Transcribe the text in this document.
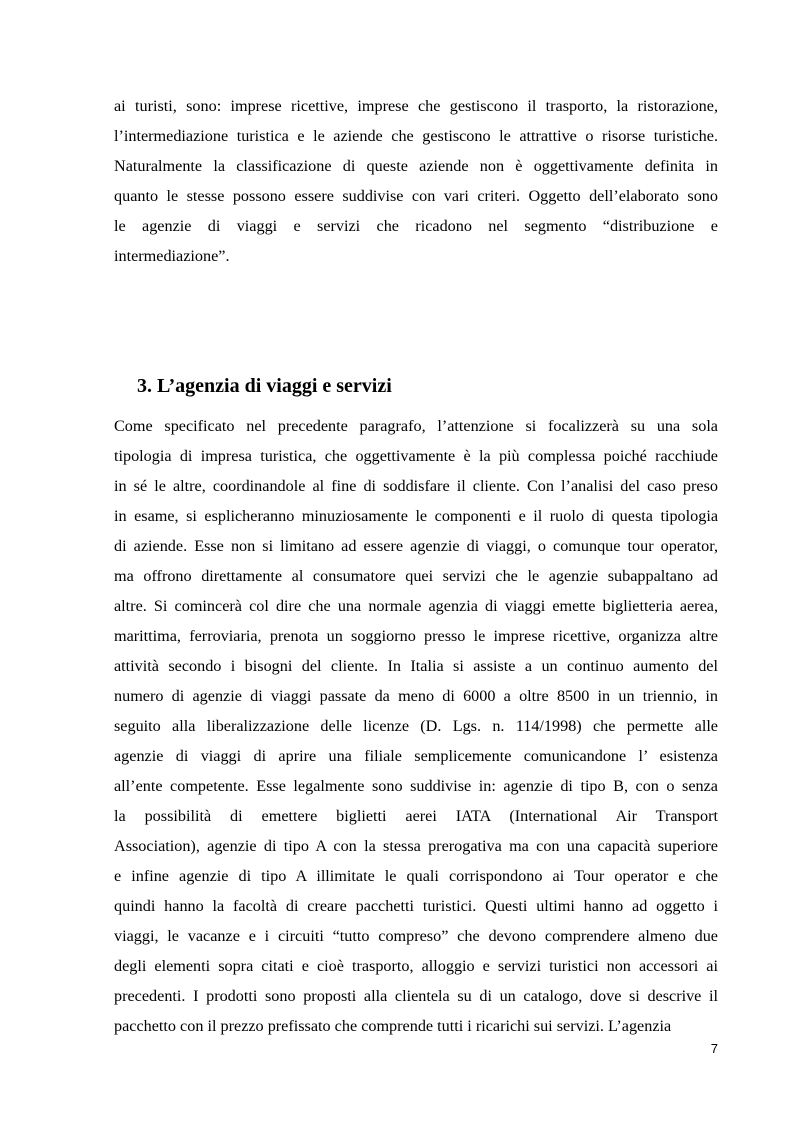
ai turisti, sono: imprese ricettive, imprese che gestiscono il trasporto, la ristorazione,
l’intermediazione turistica e le aziende che gestiscono le attrattive o risorse turistiche.
Naturalmente la classificazione di queste aziende non è oggettivamente definita in
quanto le stesse possono essere suddivise con vari criteri. Oggetto dell’elaborato sono
le agenzie di viaggi e servizi che ricadono nel segmento “distribuzione e
intermediazione”.
3. L’agenzia di viaggi e servizi
Come specificato nel precedente paragrafo, l’attenzione si focalizzerà su una sola
tipologia di impresa turistica, che oggettivamente è la più complessa poiché racchiude
in sé le altre, coordinandole al fine di soddisfare il cliente. Con l’analisi del caso preso
in esame, si esplicheranno minuziosamente le componenti e il ruolo di questa tipologia
di aziende. Esse non si limitano ad essere agenzie di viaggi, o comunque tour operator,
ma offrono direttamente al consumatore quei servizi che le agenzie subappaltano ad
altre. Si comincerà col dire che una normale agenzia di viaggi emette biglietteria aerea,
marittima, ferroviaria, prenota un soggiorno presso le imprese ricettive, organizza altre
attività secondo i bisogni del cliente. In Italia si assiste a un continuo aumento del
numero di agenzie di viaggi passate da meno di 6000 a oltre 8500 in un triennio, in
seguito alla liberalizzazione delle licenze (D. Lgs. n. 114/1998) che permette alle
agenzie di viaggi di aprire una filiale semplicemente comunicandone l’ esistenza
all’ente competente. Esse legalmente sono suddivise in: agenzie di tipo B, con o senza
la possibilità di emettere biglietti aerei IATA (International Air Transport
Association), agenzie di tipo A con la stessa prerogativa ma con una capacità superiore
e infine agenzie di tipo A illimitate le quali corrispondono ai Tour operator e che
quindi hanno la facoltà di creare pacchetti turistici. Questi ultimi hanno ad oggetto i
viaggi, le vacanze e i circuiti “tutto compreso” che devono comprendere almeno due
degli elementi sopra citati e cioè trasporto, alloggio e servizi turistici non accessori ai
precedenti. I prodotti sono proposti alla clientela su di un catalogo, dove si descrive il
pacchetto con il prezzo prefissato che comprende tutti i ricarichi sui servizi. L’agenzia
7
